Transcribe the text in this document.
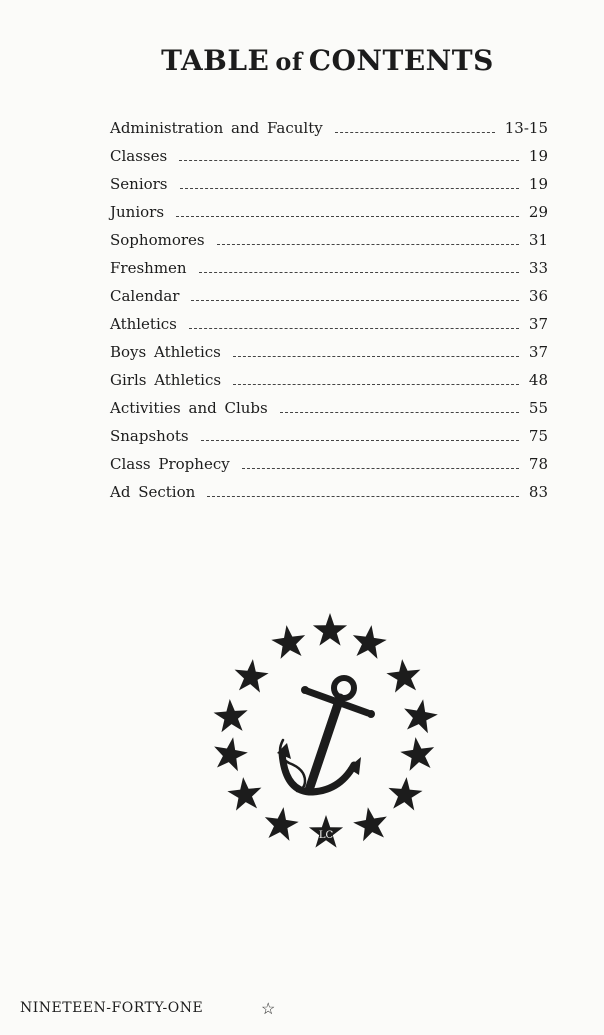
TABLE of CONTENTS
Administration and Faculty	13-15
Classes	19
Seniors	19
Juniors	29
Sophomores	31
Freshmen	33
Calendar	36
Athletics	37
Boys Athletics	37
Girls Athletics	48
Activities and Clubs	55
Snapshots	75
Class Prophecy	78
Ad Section	83
LC
NINETEEN-FORTY-ONE	☆
